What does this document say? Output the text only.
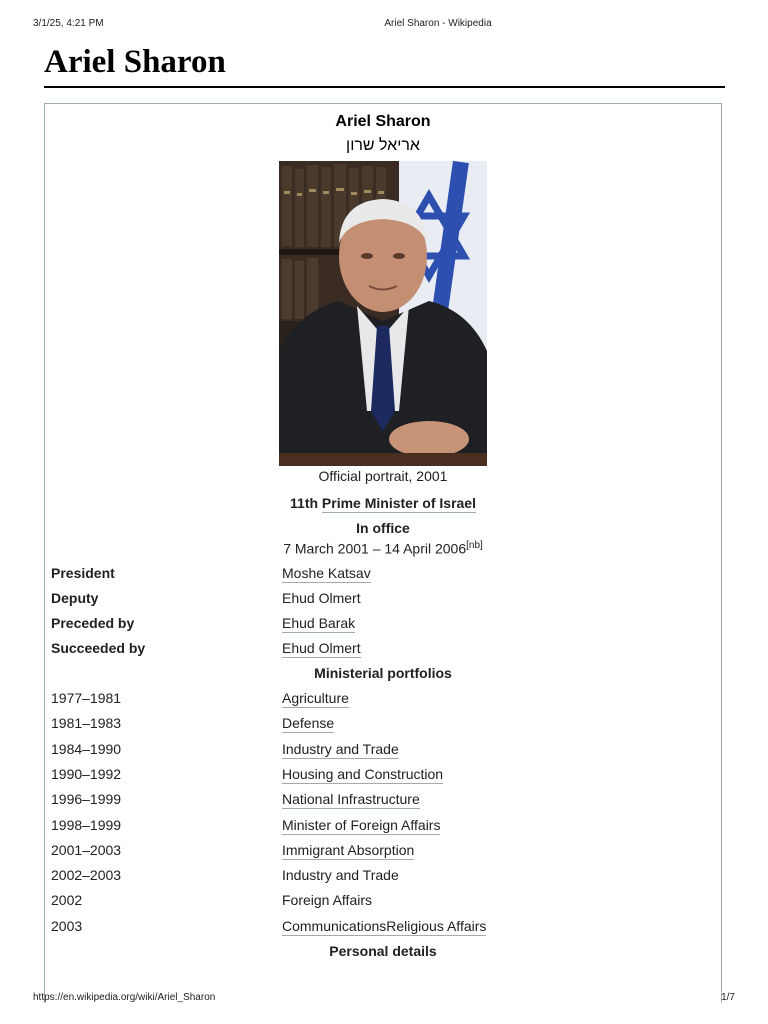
3/1/25, 4:21 PM	Ariel Sharon - Wikipedia
Ariel Sharon
Ariel Sharon
אריאל שרון
Official portrait, 2001
11th Prime Minister of Israel
In office
7 March 2001 – 14 April 2006[nb]
President	Moshe Katsav
Deputy	Ehud Olmert
Preceded by	Ehud Barak
Succeeded by	Ehud Olmert
Ministerial portfolios
1977–1981	Agriculture
1981–1983	Defense
1984–1990	Industry and Trade
1990–1992	Housing and Construction
1996–1999	National Infrastructure
1998–1999	Minister of Foreign Affairs
2001–2003	Immigrant Absorption
2002–2003	Industry and Trade
2002	Foreign Affairs
2003	CommunicationsReligious Affairs
Personal details
https://en.wikipedia.org/wiki/Ariel_Sharon	1/7
